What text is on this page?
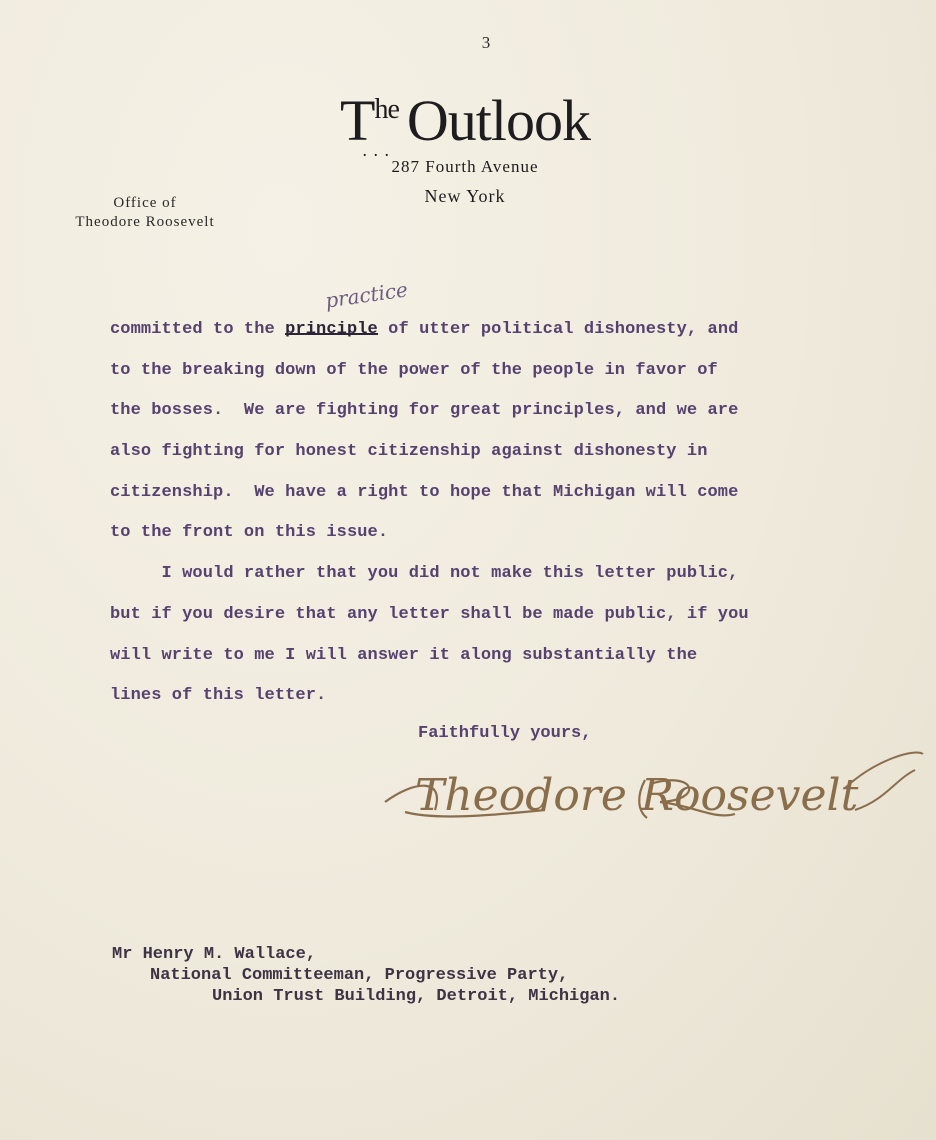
3
$T^{he}$ . . . Outlook
287 Fourth Avenue
New York
Office of
Theodore Roosevelt
practice
committed to the principle of utter political dishonesty, and
to the breaking down of the power of the people in favor of
the bosses.  We are fighting for great principles, and we are
also fighting for honest citizenship against dishonesty in
citizenship.  We have a right to hope that Michigan will come
to the front on this issue.
I would rather that you did not make this letter public,
but if you desire that any letter shall be made public, if you
will write to me I will answer it along substantially the
lines of this letter.
Faithfully yours,
Theodore Roosevelt
Mr Henry M. Wallace,
National Committeeman, Progressive Party,
Union Trust Building, Detroit, Michigan.
